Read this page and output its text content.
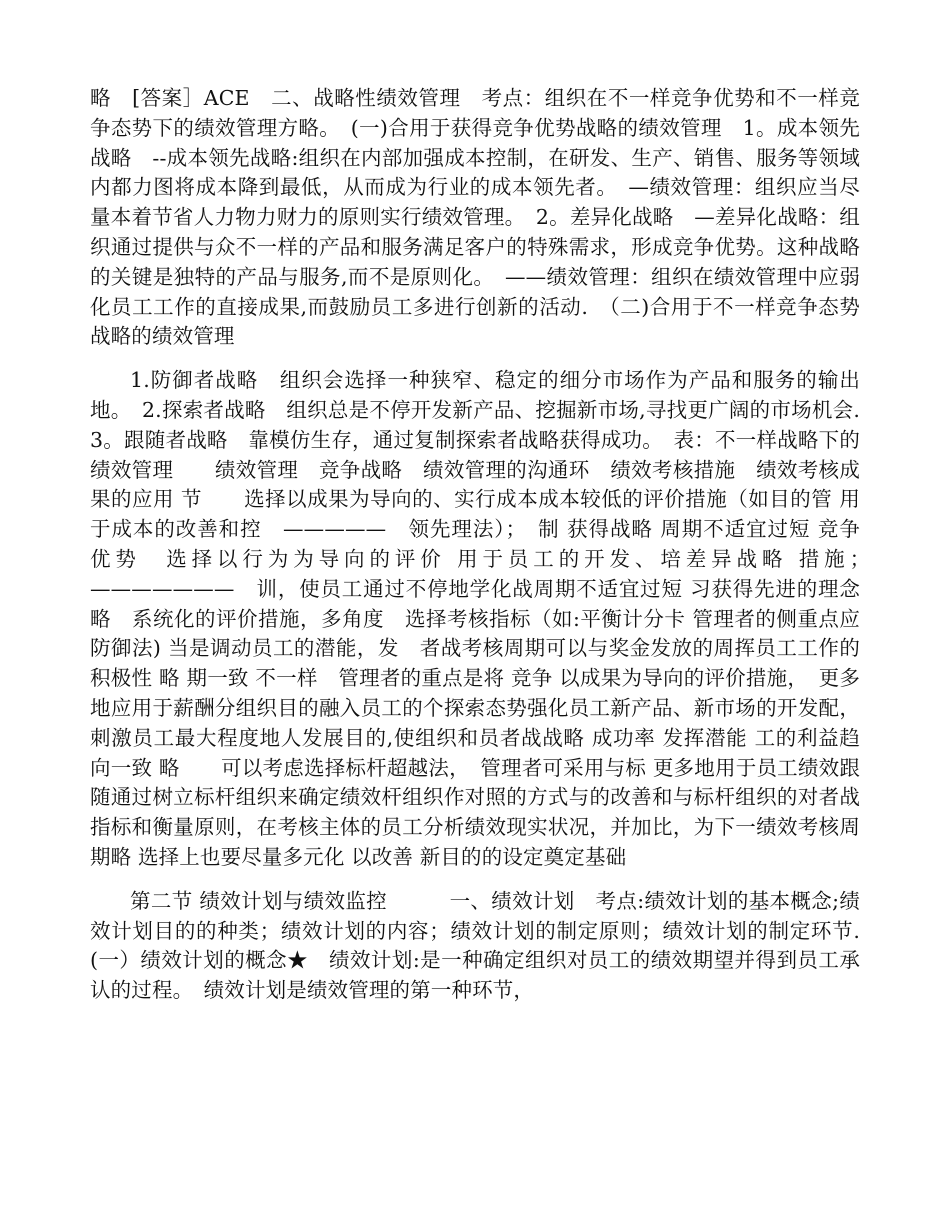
略　[答案］ACE　二、战略性绩效管理　考点：组织在不一样竞争优势和不一样竞争态势下的绩效管理方略。　(一)合用于获得竞争优势战略的绩效管理　1。成本领先战略　--成本领先战略:组织在内部加强成本控制，在研发、生产、销售、服务等领域内都力图将成本降到最低，从而成为行业的成本领先者。　—绩效管理：组织应当尽量本着节省人力物力财力的原则实行绩效管理。　2。差异化战略　—差异化战略：组织通过提供与众不一样的产品和服务满足客户的特殊需求，形成竞争优势。这种战略的关键是独特的产品与服务,而不是原则化。　——绩效管理：组织在绩效管理中应弱化员工工作的直接成果,而鼓励员工多进行创新的活动.　（二)合用于不一样竞争态势战略的绩效管理

1.防御者战略　组织会选择一种狭窄、稳定的细分市场作为产品和服务的输出地。　2.探索者战略　组织总是不停开发新产品、挖掘新市场,寻找更广阔的市场机会.　3。跟随者战略　靠模仿生存，通过复制探索者战略获得成功。　表：不一样战略下的绩效管理　　绩效管理　竞争战略　绩效管理的沟通环　绩效考核措施　绩效考核成果的应用 节　　选择以成果为导向的、实行成本成本较低的评价措施（如目的管 用于成本的改善和控　—————　领先理法）；　制 获得战略 周期不适宜过短 竞争　优势　选择以行为为导向的评价 用于员工的开发、培差异战略 措施；　———————　训，使员工通过不停地学化战周期不适宜过短 习获得先进的理念 略　系统化的评价措施，多角度　选择考核指标（如:平衡计分卡 管理者的侧重点应防御法) 当是调动员工的潜能，发　者战考核周期可以与奖金发放的周挥员工工作的积极性 略 期一致 不一样　管理者的重点是将 竞争 以成果为导向的评价措施，　更多地应用于薪酬分组织目的融入员工的个探索态势强化员工新产品、新市场的开发配，刺激员工最大程度地人发展目的,使组织和员者战战略 成功率 发挥潜能 工的利益趋向一致 略　　可以考虑选择标杆超越法，　管理者可采用与标 更多地用于员工绩效跟随通过树立标杆组织来确定绩效杆组织作对照的方式与的改善和与标杆组织的对者战指标和衡量原则，在考核主体的员工分析绩效现实状况，并加比，为下一绩效考核周期略 选择上也要尽量多元化 以改善 新目的的设定奠定基础

第二节 绩效计划与绩效监控　　　一、绩效计划　考点:绩效计划的基本概念;绩效计划目的的种类；绩效计划的内容；绩效计划的制定原则；绩效计划的制定环节.　(一）绩效计划的概念★　绩效计划:是一种确定组织对员工的绩效期望并得到员工承认的过程。　绩效计划是绩效管理的第一种环节，
